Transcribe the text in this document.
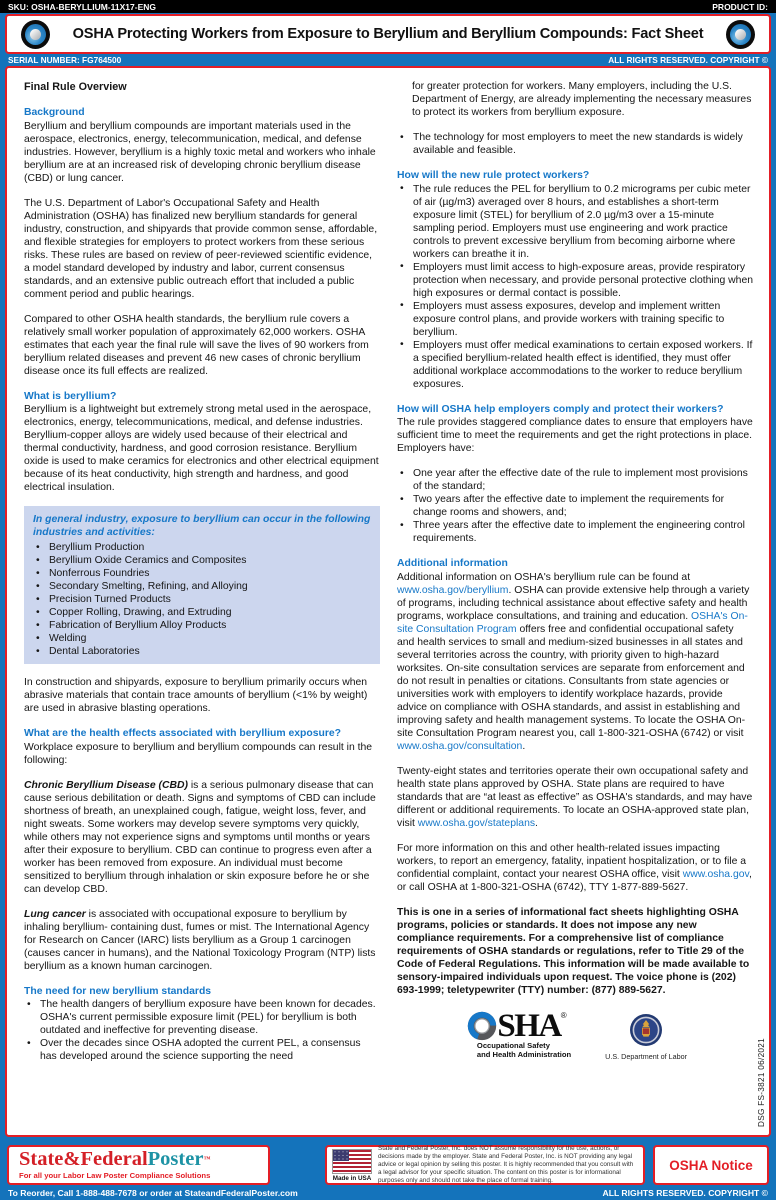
SKU: OSHA-BERYLLIUM-11X17-ENG	PRODUCT ID:
OSHA Protecting Workers from Exposure to Beryllium and Beryllium Compounds: Fact Sheet
SERIAL NUMBER: FG764500	ALL RIGHTS RESERVED. COPYRIGHT ©
Final Rule Overview
Background

Beryllium and beryllium compounds are important materials used in the aerospace, electronics, energy, telecommunication, medical, and defense industries. However, beryllium is a highly toxic metal and workers who inhale beryllium are at an increased risk of developing chronic beryllium disease (CBD) or lung cancer.

The U.S. Department of Labor's Occupational Safety and Health Administration (OSHA) has finalized new beryllium standards for general industry, construction, and shipyards that provide common sense, affordable, and flexible strategies for employers to protect workers from these serious risks. These rules are based on review of peer-reviewed scientific evidence, a model standard developed by industry and labor, current consensus standards, and an extensive public outreach effort that included a public comment period and public hearings.

Compared to other OSHA health standards, the beryllium rule covers a relatively small worker population of approximately 62,000 workers. OSHA estimates that each year the final rule will save the lives of 90 workers from beryllium related diseases and prevent 46 new cases of chronic beryllium disease once its full effects are realized.

What is beryllium?

Beryllium is a lightweight but extremely strong metal used in the aerospace, electronics, energy, telecommunications, medical, and defense industries. Beryllium-copper alloys are widely used because of their electrical and thermal conductivity, hardness, and good corrosion resistance. Beryllium oxide is used to make ceramics for electronics and other electrical equipment because of its heat conductivity, high strength and hardness, and good electrical insulation.

In general industry, exposure to beryllium can occur in the following industries and activities:
• Beryllium Production
• Beryllium Oxide Ceramics and Composites
• Nonferrous Foundries
• Secondary Smelting, Refining, and Alloying
• Precision Turned Products
• Copper Rolling, Drawing, and Extruding
• Fabrication of Beryllium Alloy Products
• Welding
• Dental Laboratories

In construction and shipyards, exposure to beryllium primarily occurs when abrasive materials that contain trace amounts of beryllium (<1% by weight) are used in abrasive blasting operations.

What are the health effects associated with beryllium exposure?

Workplace exposure to beryllium and beryllium compounds can result in the following:

Chronic Beryllium Disease (CBD) is a serious pulmonary disease that can cause serious debilitation or death. Signs and symptoms of CBD can include shortness of breath, an unexplained cough, fatigue, weight loss, fever, and night sweats. Some workers may develop severe symptoms very quickly, while others may not experience signs and symptoms until months or years after their exposure to beryllium. CBD can continue to progress even after a worker has been removed from exposure. An individual must become sensitized to beryllium through inhalation or skin exposure before he or she can develop CBD.

Lung cancer is associated with occupational exposure to beryllium by inhaling beryllium- containing dust, fumes or mist. The International Agency for Research on Cancer (IARC) lists beryllium as a Group 1 carcinogen (causes cancer in humans), and the National Toxicology Program (NTP) lists beryllium as a known human carcinogen.

The need for new beryllium standards
• The health dangers of beryllium exposure have been known for decades. OSHA's current permissible exposure limit (PEL) for beryllium is both outdated and ineffective for preventing disease.
• Over the decades since OSHA adopted the current PEL, a consensus has developed around the science supporting the need

for greater protection for workers. Many employers, including the U.S. Department of Energy, are already implementing the necessary measures to protect its workers from beryllium exposure.

• The technology for most employers to meet the new standards is widely available and feasible.
How will the new rule protect workers?
• The rule reduces the PEL for beryllium to 0.2 micrograms per cubic meter of air (µg/m3) averaged over 8 hours, and establishes a short-term exposure limit (STEL) for beryllium of 2.0 µg/m3 over a 15-minute sampling period. Employers must use engineering and work practice controls to prevent excessive beryllium from becoming airborne where workers can breathe it in.
• Employers must limit access to high-exposure areas, provide respiratory protection when necessary, and provide personal protective clothing when high exposures or dermal contact is possible.
• Employers must assess exposures, develop and implement written exposure control plans, and provide workers with training specific to beryllium.
• Employers must offer medical examinations to certain exposed workers. If a specified beryllium-related health effect is identified, they must offer additional workplace accommodations to the worker to reduce beryllium exposures.
How will OSHA help employers comply and protect their workers?

The rule provides staggered compliance dates to ensure that employers have sufficient time to meet the requirements and get the right protections in place. Employers have:

• One year after the effective date of the rule to implement most provisions of the standard;
• Two years after the effective date to implement the requirements for change rooms and showers, and;
• Three years after the effective date to implement the engineering control requirements.
Additional information

Additional information on OSHA's beryllium rule can be found at www.osha.gov/beryllium. OSHA can provide extensive help through a variety of programs, including technical assistance about effective safety and health programs, workplace consultations, and training and education. OSHA's On-site Consultation Program offers free and confidential occupational safety and health services to small and medium-sized businesses in all states and several territories across the country, with priority given to high-hazard worksites. On-site consultation services are separate from enforcement and do not result in penalties or citations. Consultants from state agencies or universities work with employers to identify workplace hazards, provide advice on compliance with OSHA standards, and assist in establishing and improving safety and health management systems. To locate the OSHA On-site Consultation Program nearest you, call 1-800-321-OSHA (6742) or visit www.osha.gov/consultation.

Twenty-eight states and territories operate their own occupational safety and health state plans approved by OSHA. State plans are required to have standards that are “at least as effective” as OSHA's standards, and may have different or additional requirements. To locate an OSHA-approved state plan, visit www.osha.gov/stateplans.

For more information on this and other health-related issues impacting workers, to report an emergency, fatality, inpatient hospitalization, or to file a confidential complaint, contact your nearest OSHA office, visit www.osha.gov, or call OSHA at 1-800-321-OSHA (6742), TTY 1-877-889-5627.

This is one in a series of informational fact sheets highlighting OSHA programs, policies or standards. It does not impose any new compliance requirements. For a comprehensive list of compliance requirements of OSHA standards or regulations, refer to Title 29 of the Code of Federal Regulations. This information will be made available to sensory-impaired individuals upon request. The voice phone is (202) 693-1999; teletypewriter (TTY) number: (877) 889-5627.

SHA ®
Occupational Safety
and Health Administration	U.S. Department of Labor	DSG FS-3821 06/2021
State&FederalPoster™
For all your Labor Law Poster Compliance Solutions	Made in USA
State and Federal Poster, Inc. does NOT assume responsibility for the use, actions, or decisions made by the employer. State and Federal Poster, Inc. is NOT providing any legal advice or legal opinion by selling this poster. It is highly recommended that you consult with a legal advisor for your specific situation. The content on this poster is for informational purposes only and should not take the place of formal training.
OSHA Notice
To Reorder, Call 1-888-488-7678 or order at StateandFederalPoster.com	ALL RIGHTS RESERVED. COPYRIGHT ©
